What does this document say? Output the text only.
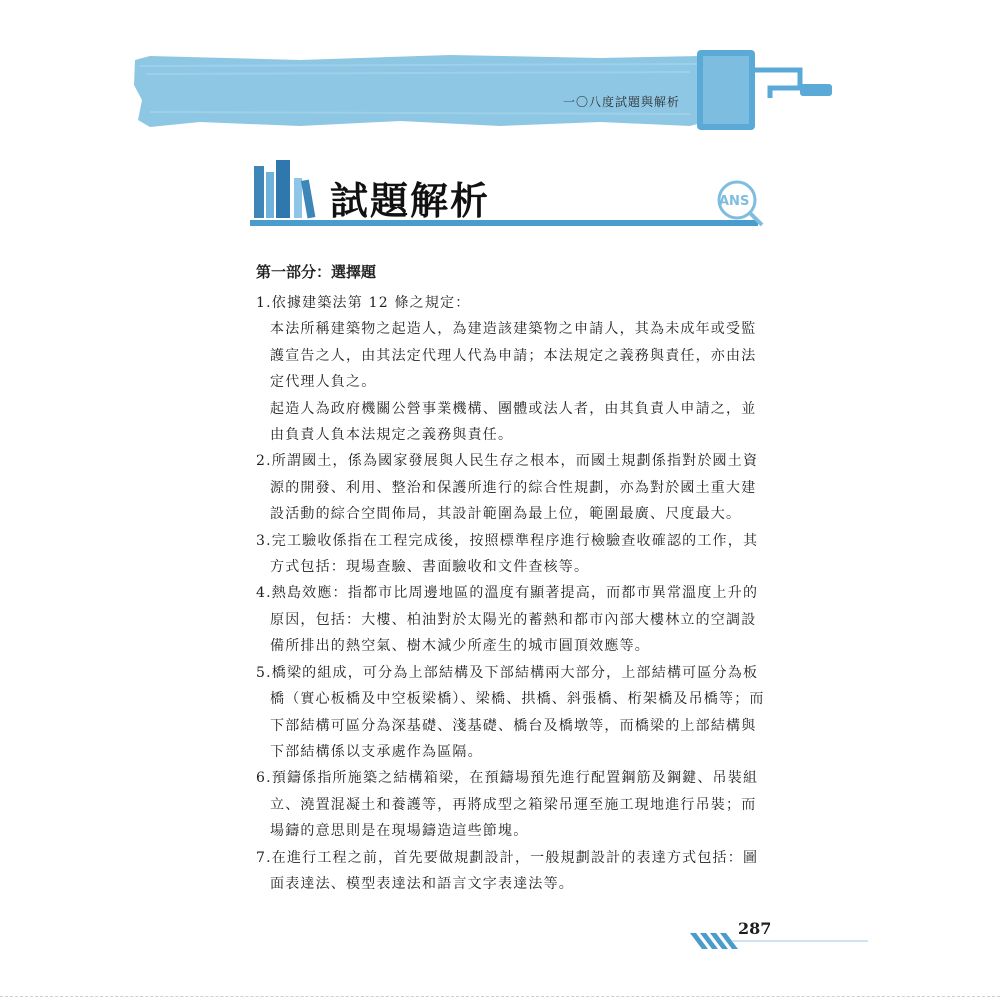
一〇八度試題與解析
ANS
試題解析
第一部分：選擇題

1.依據建築法第 12 條之規定：

本法所稱建築物之起造人，為建造該建築物之申請人，其為未成年或受監

護宣告之人，由其法定代理人代為申請；本法規定之義務與責任，亦由法

定代理人負之。

起造人為政府機關公營事業機構、團體或法人者，由其負責人申請之，並

由負責人負本法規定之義務與責任。

2.所謂國土，係為國家發展與人民生存之根本，而國土規劃係指對於國土資

源的開發、利用、整治和保護所進行的綜合性規劃，亦為對於國土重大建

設活動的綜合空間佈局，其設計範圍為最上位，範圍最廣、尺度最大。

3.完工驗收係指在工程完成後，按照標準程序進行檢驗查收確認的工作，其

方式包括：現場查驗、書面驗收和文件查核等。

4.熱島效應：指都市比周邊地區的溫度有顯著提高，而都市異常溫度上升的

原因，包括：大樓、柏油對於太陽光的蓄熱和都市內部大樓林立的空調設

備所排出的熱空氣、樹木減少所產生的城市圓頂效應等。

5.橋梁的組成，可分為上部結構及下部結構兩大部分，上部結構可區分為板

橋（實心板橋及中空板梁橋）、梁橋、拱橋、斜張橋、桁架橋及吊橋等；而

下部結構可區分為深基礎、淺基礎、橋台及橋墩等，而橋梁的上部結構與

下部結構係以支承處作為區隔。

6.預鑄係指所施築之結構箱梁，在預鑄場預先進行配置鋼筋及鋼鍵、吊裝組

立、澆置混凝土和養護等，再將成型之箱梁吊運至施工現地進行吊裝；而

場鑄的意思則是在現場鑄造這些節塊。

7.在進行工程之前，首先要做規劃設計，一般規劃設計的表達方式包括：圖

面表達法、模型表達法和語言文字表達法等。

287
